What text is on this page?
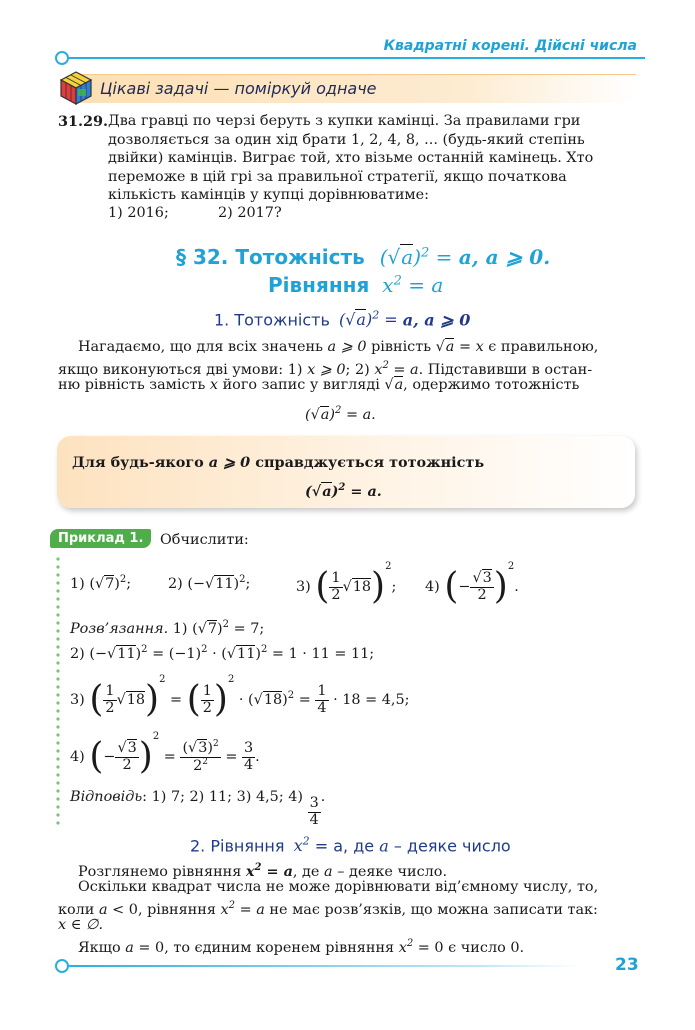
Квадратні корені. Дійсні числа
Цікаві задачі — поміркуй одначе
31.29. Два гравці по черзі беруть з купки камінці. За правилами гри
дозволяється за один хід брати 1, 2, 4, 8, ... (будь-який степінь
двійки) камінців. Виграє той, хто візьме останній камінець. Хто
переможе в цій грі за правильної стратегії, якщо початкова
кількість камінців у купці дорівнюватиме:
1) 2016;	2) 2017?
§ 32. Тотожність $(√a)^2 = a$, a ⩾ 0.
Рівняння $x^2 = a$
1. Тотожність $(√a)^2 = a$, a ⩾ 0
Нагадаємо, що для всіх значень a ⩾ 0 рівність √a = x є правильною,
якщо виконуються дві умови: 1) x ⩾ 0; 2) $x^2 = a$. Підставивши в остан-
ню рівність замість x його запис у вигляді √a, одержимо тотожність
$(√a)^2 = a$.
Для будь-якого a ⩾ 0 справджується тотожність
$(√a)^2 = a$.
Приклад 1.	Обчислити:
1) $(√7)^2$;	2) $(-√11)^2$;	3) ( $\frac{1}{2} √18)^2$; 4) (− $\frac{√3}{2} )^2$.
Розв’язання. 1) $(√7)^2 = 7$;
2) $(-√11)^2 = (-1)^2 \cdot (√11)^2 = 1 \cdot 11 = 11$;
3) ( $\frac{1}{2} √18)^2$ = ( $\frac{1}{2} )^2 \cdot (√18)^2 = \frac{1}{4} \cdot 18 = 4,5$;
4) (− $\frac{√3}{2} )^2 = \frac{(√3)^2}{2^2} = \frac{3}{4}$ .
Відповідь: 1) 7; 2) 11; 3) 4,5; $4) \frac{3}{4}$ .
2. Рівняння $x^2 = a$, де a – деяке число
Розглянемо рівняння $x^2 = a$, де a – деяке число.
Оскільки квадрат числа не може дорівнювати від’ємному числу, то,
коли a < 0, рівняння $x^2 = a$ не має розв’язків, що можна записати так:
x ∈ ∅.
Якщо a = 0, то єдиним коренем рівняння $x^2 = 0$ є число 0.
23
